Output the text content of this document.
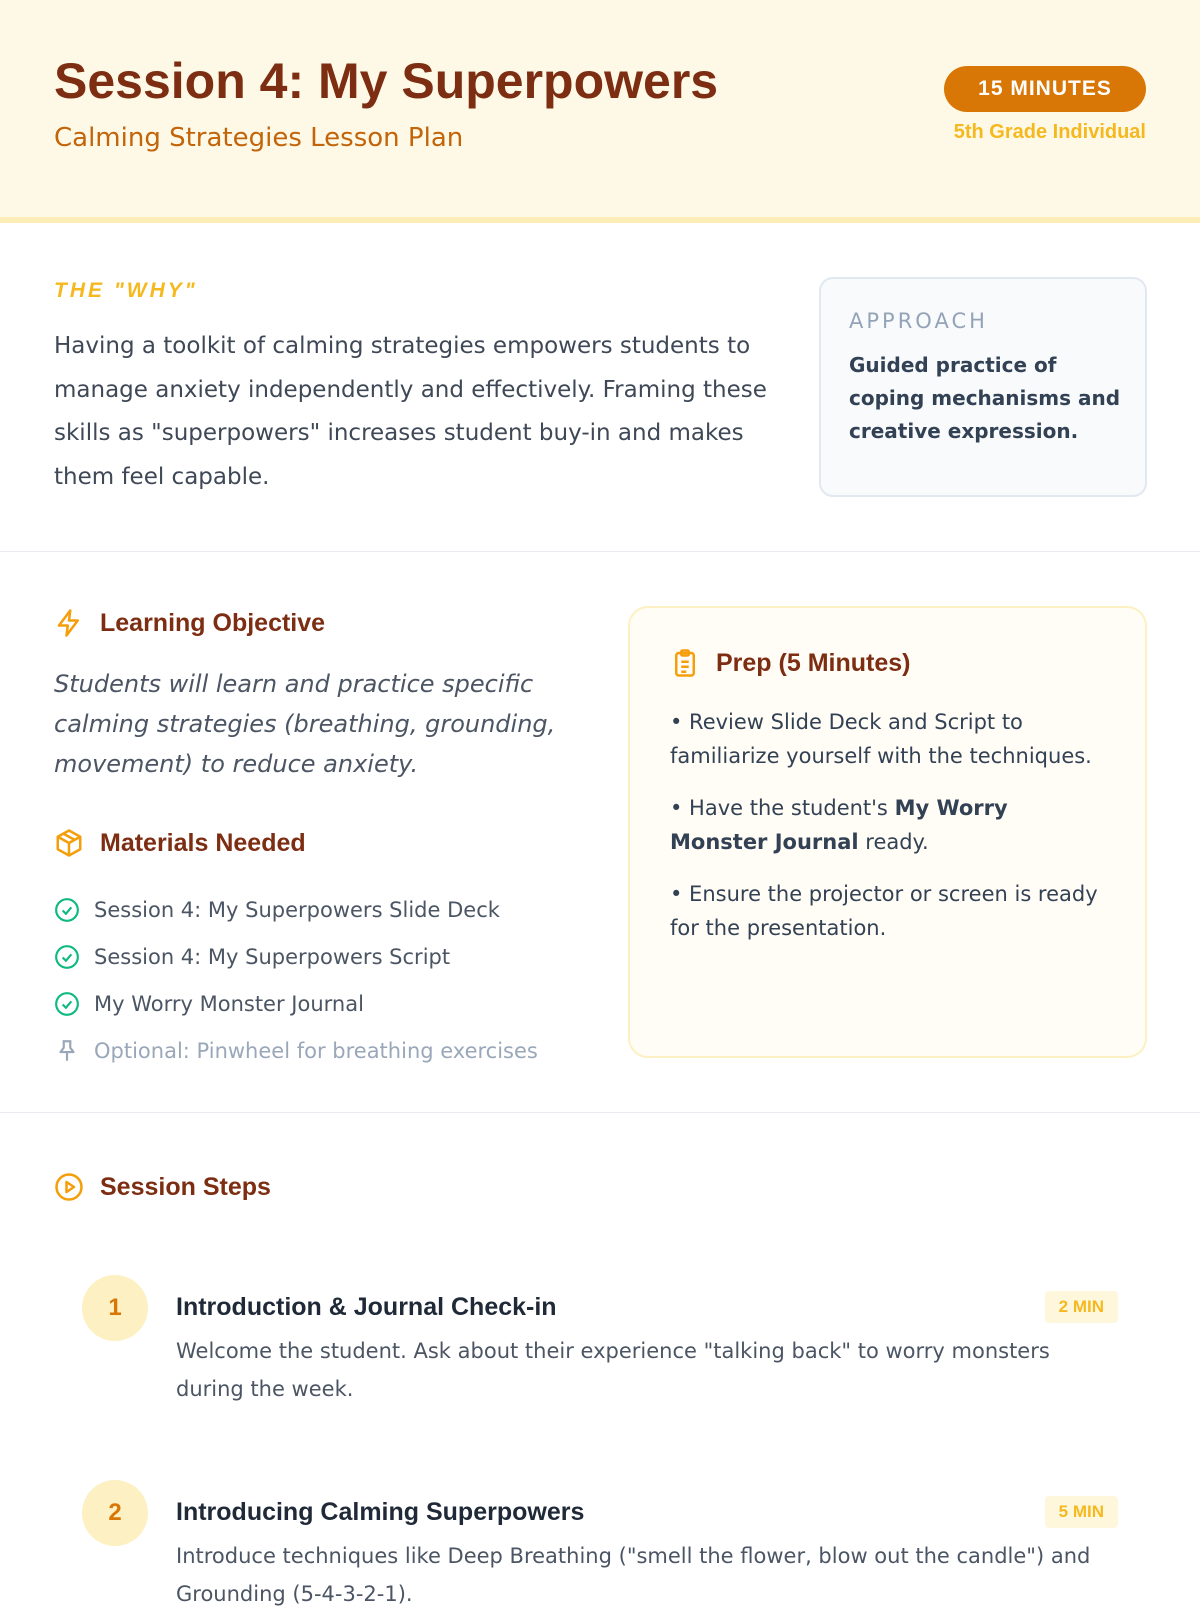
Session 4: My Superpowers
Calming Strategies Lesson Plan
15 MINUTES
5th Grade Individual
THE "WHY"

Having a toolkit of calming strategies empowers students to manage anxiety independently and effectively. Framing these skills as "superpowers" increases student buy-in and makes them feel capable.

APPROACH
Guided practice of coping mechanisms and creative expression.
Learning Objective

Students will learn and practice specific calming strategies (breathing, grounding, movement) to reduce anxiety.

Materials Needed
Session 4: My Superpowers Slide Deck
Session 4: My Superpowers Script
My Worry Monster Journal
Optional: Pinwheel for breathing exercises
Prep (5 Minutes)
• Review Slide Deck and Script to familiarize yourself with the techniques.
• Have the student's My Worry Monster Journal ready.
• Ensure the projector or screen is ready for the presentation.
Session Steps
1	Introduction & Journal Check-in	2 MIN

Welcome the student. Ask about their experience "talking back" to worry monsters during the week.

2	Introducing Calming Superpowers	5 MIN

Introduce techniques like Deep Breathing ("smell the flower, blow out the candle") and Grounding (5-4-3-2-1).
